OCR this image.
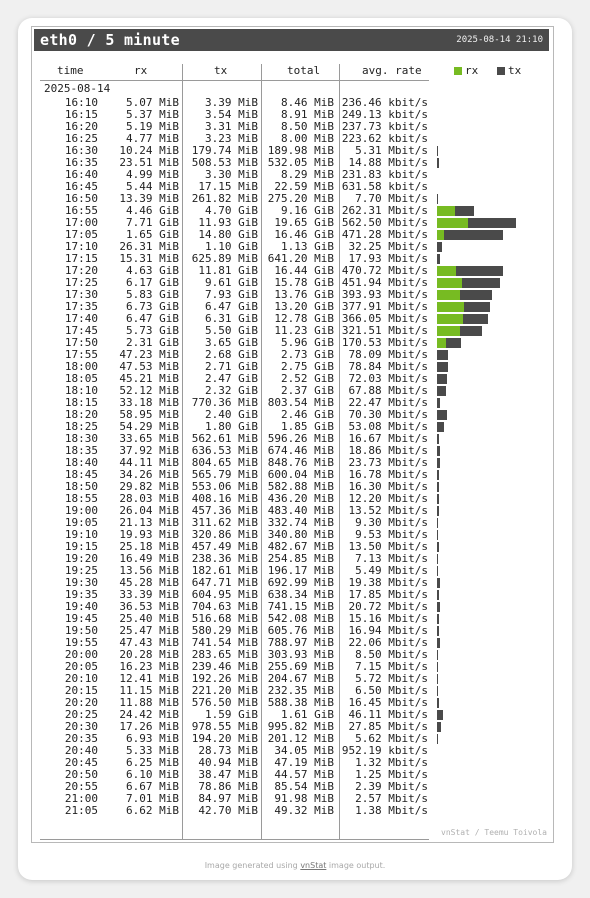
eth0 / 5 minute	2025-08-14 21:10
time	rx	tx	total	avg. rate	rx	tx
2025-08-14
16:10	5.07 MiB	3.39 MiB	8.46 MiB 236.46 kbit/s
16:15	5.37 MiB	3.54 MiB	8.91 MiB 249.13 kbit/s
16:20	5.19 MiB	3.31 MiB	8.50 MiB 237.73 kbit/s
16:25	4.77 MiB	3.23 MiB	8.00 MiB 223.62 kbit/s
16:30	10.24 MiB	179.74 MiB 189.98 MiB	5.31 Mbit/s
16:35	23.51 MiB	508.53 MiB 532.05 MiB	14.88 Mbit/s
16:40	4.99 MiB	3.30 MiB	8.29 MiB 231.83 kbit/s
16:45	5.44 MiB	17.15 MiB	22.59 MiB 631.58 kbit/s
16:50	13.39 MiB	261.82 MiB 275.20 MiB	7.70 Mbit/s
16:55	4.46 GiB	4.70 GiB	9.16 GiB 262.31 Mbit/s
17:00	7.71 GiB	11.93 GiB	19.65 GiB 562.50 Mbit/s
17:05	1.65 GiB	14.80 GiB	16.46 GiB 471.28 Mbit/s
17:10	26.31 MiB	1.10 GiB	1.13 GiB	32.25 Mbit/s
17:15	15.31 MiB	625.89 MiB 641.20 MiB	17.93 Mbit/s
17:20	4.63 GiB	11.81 GiB	16.44 GiB 470.72 Mbit/s
17:25	6.17 GiB	9.61 GiB	15.78 GiB 451.94 Mbit/s
17:30	5.83 GiB	7.93 GiB	13.76 GiB 393.93 Mbit/s
17:35	6.73 GiB	6.47 GiB	13.20 GiB 377.91 Mbit/s
17:40	6.47 GiB	6.31 GiB	12.78 GiB 366.05 Mbit/s
17:45	5.73 GiB	5.50 GiB	11.23 GiB 321.51 Mbit/s
17:50	2.31 GiB	3.65 GiB	5.96 GiB 170.53 Mbit/s
17:55	47.23 MiB	2.68 GiB	2.73 GiB	78.09 Mbit/s
18:00	47.53 MiB	2.71 GiB	2.75 GiB	78.84 Mbit/s
18:05	45.21 MiB	2.47 GiB	2.52 GiB	72.03 Mbit/s
18:10	52.12 MiB	2.32 GiB	2.37 GiB	67.88 Mbit/s
18:15	33.18 MiB	770.36 MiB 803.54 MiB	22.47 Mbit/s
18:20	58.95 MiB	2.40 GiB	2.46 GiB	70.30 Mbit/s
18:25	54.29 MiB	1.80 GiB	1.85 GiB	53.08 Mbit/s
18:30	33.65 MiB	562.61 MiB 596.26 MiB	16.67 Mbit/s
18:35	37.92 MiB	636.53 MiB 674.46 MiB	18.86 Mbit/s
18:40	44.11 MiB	804.65 MiB 848.76 MiB	23.73 Mbit/s
18:45	34.26 MiB	565.79 MiB 600.04 MiB	16.78 Mbit/s
18:50	29.82 MiB	553.06 MiB 582.88 MiB	16.30 Mbit/s
18:55	28.03 MiB	408.16 MiB 436.20 MiB	12.20 Mbit/s
19:00	26.04 MiB	457.36 MiB 483.40 MiB	13.52 Mbit/s
19:05	21.13 MiB	311.62 MiB 332.74 MiB	9.30 Mbit/s
19:10	19.93 MiB	320.86 MiB 340.80 MiB	9.53 Mbit/s
19:15	25.18 MiB	457.49 MiB 482.67 MiB	13.50 Mbit/s
19:20	16.49 MiB	238.36 MiB 254.85 MiB	7.13 Mbit/s
19:25	13.56 MiB	182.61 MiB 196.17 MiB	5.49 Mbit/s
19:30	45.28 MiB	647.71 MiB 692.99 MiB	19.38 Mbit/s
19:35	33.39 MiB	604.95 MiB 638.34 MiB	17.85 Mbit/s
19:40	36.53 MiB	704.63 MiB 741.15 MiB	20.72 Mbit/s
19:45	25.40 MiB	516.68 MiB 542.08 MiB	15.16 Mbit/s
19:50	25.47 MiB	580.29 MiB 605.76 MiB	16.94 Mbit/s
19:55	47.43 MiB	741.54 MiB 788.97 MiB	22.06 Mbit/s
20:00	20.28 MiB	283.65 MiB 303.93 MiB	8.50 Mbit/s
20:05	16.23 MiB	239.46 MiB 255.69 MiB	7.15 Mbit/s
20:10	12.41 MiB	192.26 MiB 204.67 MiB	5.72 Mbit/s
20:15	11.15 MiB	221.20 MiB 232.35 MiB	6.50 Mbit/s
20:20	11.88 MiB	576.50 MiB 588.38 MiB	16.45 Mbit/s
20:25	24.42 MiB	1.59 GiB	1.61 GiB	46.11 Mbit/s
20:30	17.26 MiB	978.55 MiB 995.82 MiB	27.85 Mbit/s
20:35	6.93 MiB	194.20 MiB 201.12 MiB	5.62 Mbit/s
20:40	5.33 MiB	28.73 MiB	34.05 MiB 952.19 kbit/s
20:45	6.25 MiB	40.94 MiB	47.19 MiB	1.32 Mbit/s
20:50	6.10 MiB	38.47 MiB	44.57 MiB	1.25 Mbit/s
20:55	6.67 MiB	78.86 MiB	85.54 MiB	2.39 Mbit/s
21:00	7.01 MiB	84.97 MiB	91.98 MiB	2.57 Mbit/s
21:05	6.62 MiB	42.70 MiB	49.32 MiB	1.38 Mbit/s
vnStat / Teemu Toivola
Image generated using vnStat image output.
